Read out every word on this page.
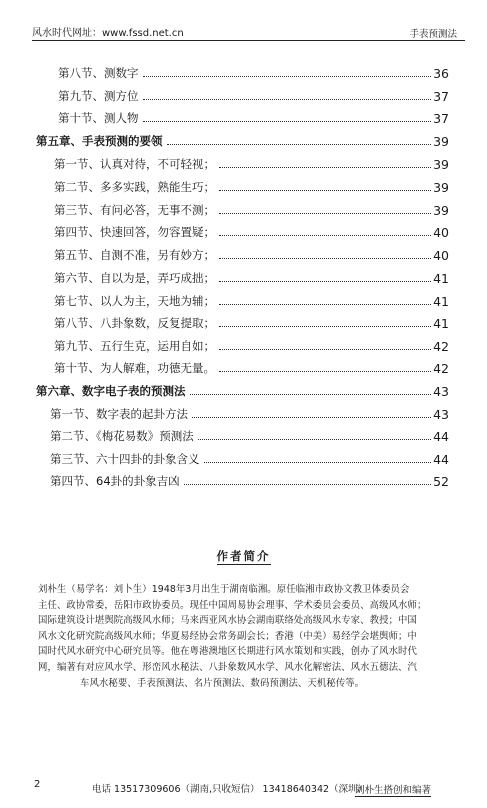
风水时代网址：www.fssd.net.cn	手表预测法
第八节、测数字	36
第九节、测方位	37
第十节、测人物	37
第五章、手表预测的要领	39
第一节、认真对待，不可轻视；	39
第二节、多多实践，熟能生巧；	39
第三节、有问必答，无事不测；	39
第四节、快速回答，勿容置疑；	40
第五节、自测不准，另有妙方；	40
第六节、自以为是，弄巧成拙；	41
第七节、以人为主，天地为辅；	41
第八节、八卦象数，反复提取；	41
第九节、五行生克，运用自如；	42
第十节、为人解难，功德无量。	42
第六章、数字电子表的预测法	43
第一节、数字表的起卦方法	43
第二节、《梅花易数》预测法	44
第三节、六十四卦的卦象含义	44
第四节、64卦的卦象吉凶	52
作者简介
刘朴生（易学名：刘卜生）1948年3月出生于湖南临湘。原任临湘市政协文教卫体委员会
主任、政协常委，岳阳市政协委员。现任中国周易协会理事、学术委员会委员、高级风水师；
国际建筑设计堪舆院高级风水师；马来西亚风水协会湖南联络处高级风水专家、教授；中国
风水文化研究院高级风水师；华夏易经协会常务副会长；香港（中美）易经学会堪舆师；中
国时代风水研究中心研究员等。他在粤港澳地区长期进行风水策划和实践，创办了风水时代
网，编著有对应风水学、形峦风水秘法、八卦象数风水学、风水化解密法、风水五德法、汽
车风水秘要、手表预测法、名片预测法、数码预测法、天机秘传等。
2	电话 13517309606（湖南,只收短信） 13418640342（深圳）
刘朴生搭创和编著
